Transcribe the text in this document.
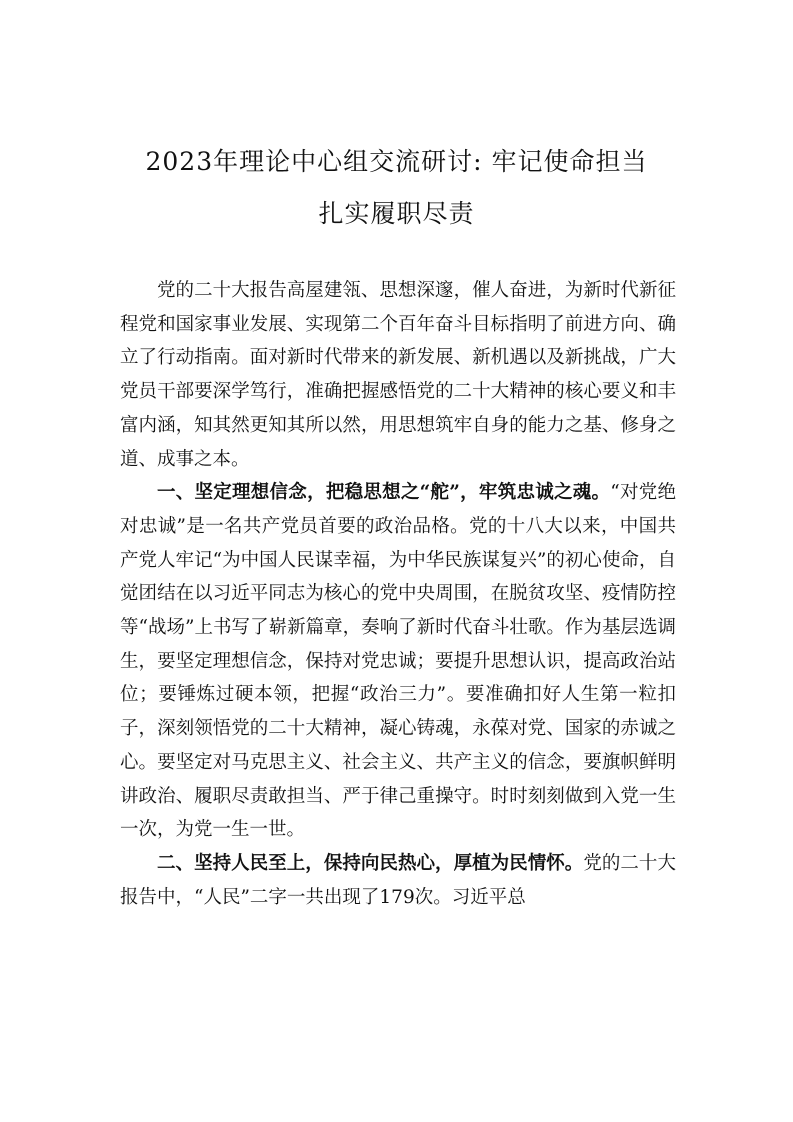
2023年理论中心组交流研讨: 牢记使命担当
扎实履职尽责

党的二十大报告高屋建瓴、思想深邃，催人奋进，为新时代新征程党和国家事业发展、实现第二个百年奋斗目标指明了前进方向、确立了行动指南。面对新时代带来的新发展、新机遇以及新挑战，广大党员干部要深学笃行，准确把握感悟党的二十大精神的核心要义和丰富内涵，知其然更知其所以然，用思想筑牢自身的能力之基、修身之道、成事之本。

一、坚定理想信念，把稳思想之“舵”，牢筑忠诚之魂。“对党绝对忠诚”是一名共产党员首要的政治品格。党的十八大以来，中国共产党人牢记“为中国人民谋幸福，为中华民族谋复兴”的初心使命，自觉团结在以习近平同志为核心的党中央周围，在脱贫攻坚、疫情防控等“战场”上书写了崭新篇章，奏响了新时代奋斗壮歌。作为基层选调生，要坚定理想信念，保持对党忠诚；要提升思想认识，提高政治站位；要锤炼过硬本领，把握“政治三力”。要准确扣好人生第一粒扣子，深刻领悟党的二十大精神，凝心铸魂，永葆对党、国家的赤诚之心。要坚定对马克思主义、社会主义、共产主义的信念，要旗帜鲜明讲政治、履职尽责敢担当、严于律己重操守。时时刻刻做到入党一生一次，为党一生一世。

二、坚持人民至上，保持向民热心，厚植为民情怀。党的二十大报告中，“人民”二字一共出现了179次。习近平总
